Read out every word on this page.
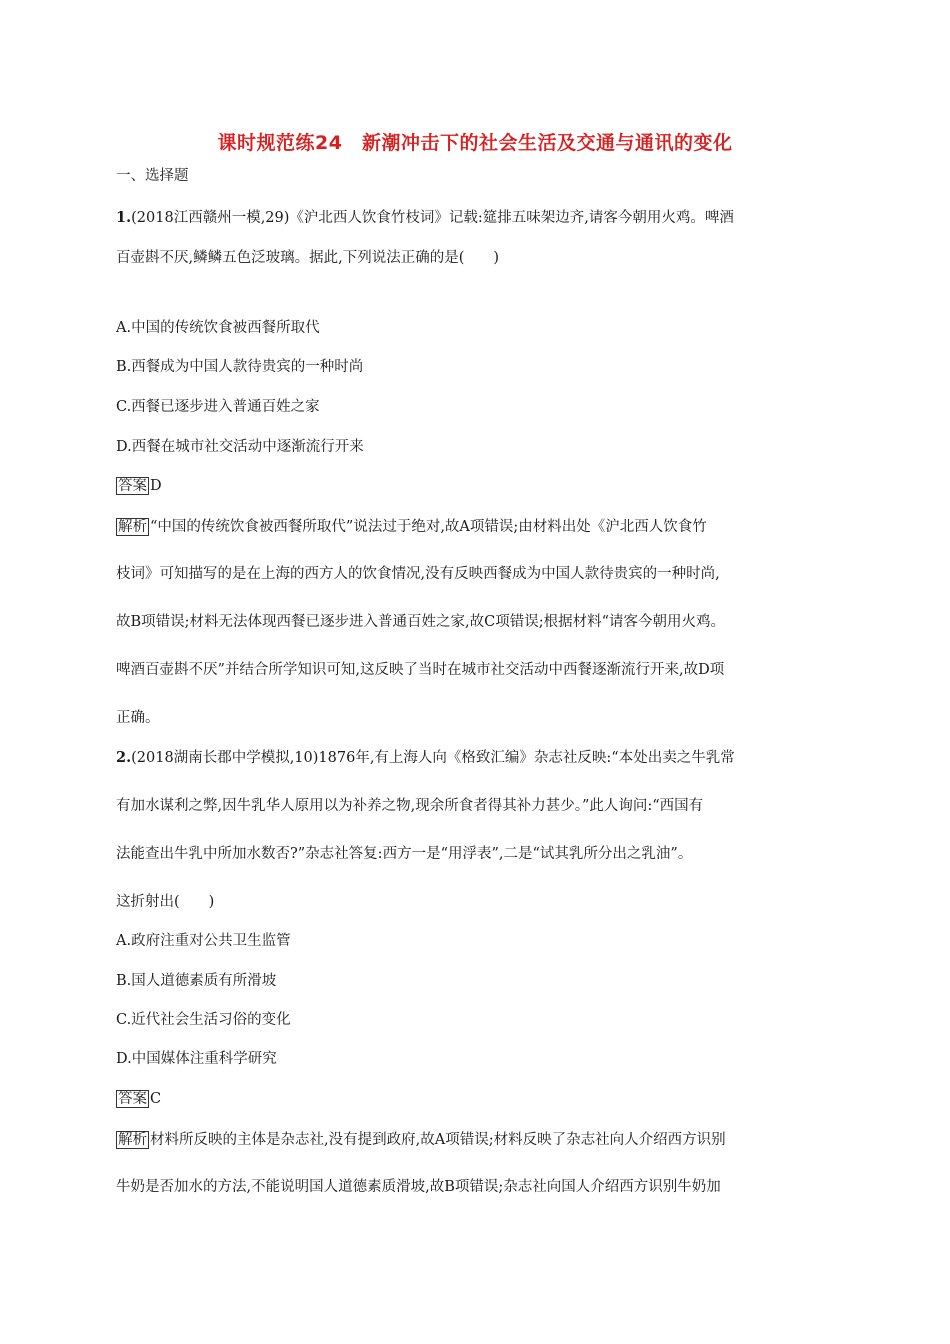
课时规范练24　新潮冲击下的社会生活及交通与通讯的变化

一、选择题

1.(2018江西赣州一模,29)《沪北西人饮食竹枝词》记载:筵排五味架边齐,请客今朝用火鸡。啤酒

百壶斟不厌,鳞鳞五色泛玻璃。据此,下列说法正确的是(　　)

A.中国的传统饮食被西餐所取代

B.西餐成为中国人款待贵宾的一种时尚

C.西餐已逐步进入普通百姓之家

D.西餐在城市社交活动中逐渐流行开来

答案 D

解析 “中国的传统饮食被西餐所取代”说法过于绝对,故A项错误;由材料出处《沪北西人饮食竹

枝词》可知描写的是在上海的西方人的饮食情况,没有反映西餐成为中国人款待贵宾的一种时尚,

故B项错误;材料无法体现西餐已逐步进入普通百姓之家,故C项错误;根据材料“请客今朝用火鸡。

啤酒百壶斟不厌”并结合所学知识可知,这反映了当时在城市社交活动中西餐逐渐流行开来,故D项

正确。

2.(2018湖南长郡中学模拟,10)1876年,有上海人向《格致汇编》杂志社反映:“本处出卖之牛乳常

有加水谋利之弊,因牛乳华人原用以为补养之物,现余所食者得其补力甚少。”此人询问:“西国有

法能查出牛乳中所加水数否?”杂志社答复:西方一是“用浮表”,二是“试其乳所分出之乳油”。

这折射出(　　)

A.政府注重对公共卫生监管

B.国人道德素质有所滑坡

C.近代社会生活习俗的变化

D.中国媒体注重科学研究

答案 C

解析 材料所反映的主体是杂志社,没有提到政府,故A项错误;材料反映了杂志社向人介绍西方识别

牛奶是否加水的方法,不能说明国人道德素质滑坡,故B项错误;杂志社向国人介绍西方识别牛奶加
